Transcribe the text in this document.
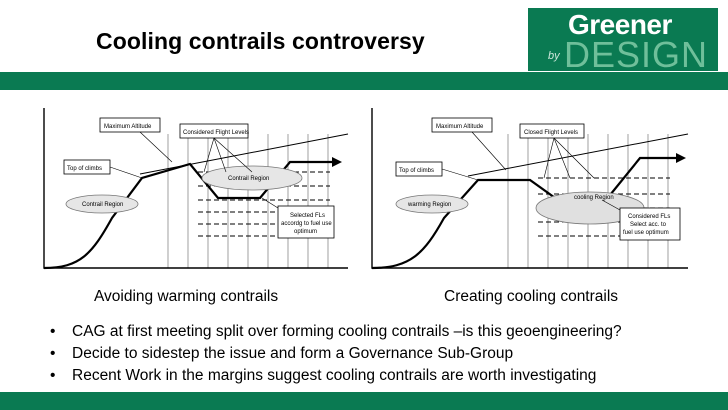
Cooling contrails controversy	DESIGN
Greener
by
Contrail Region
Contrail Region
Maximum Altitude
Considered Flight Levels
Top of climbs
Selected FLs
accordg to fuel use
optimum
cooling Region
warming Region
Maximum Altitude
Closed Flight Levels
Top of climbs
Considered FLs
Select acc. to
fuel use optimum
Avoiding warming contrails	Creating cooling contrails
• CAG at first meeting split over forming cooling contrails –is this geoengineering?
• Decide to sidestep the issue and form a Governance Sub-Group
• Recent Work in the margins suggest cooling contrails are worth investigating
